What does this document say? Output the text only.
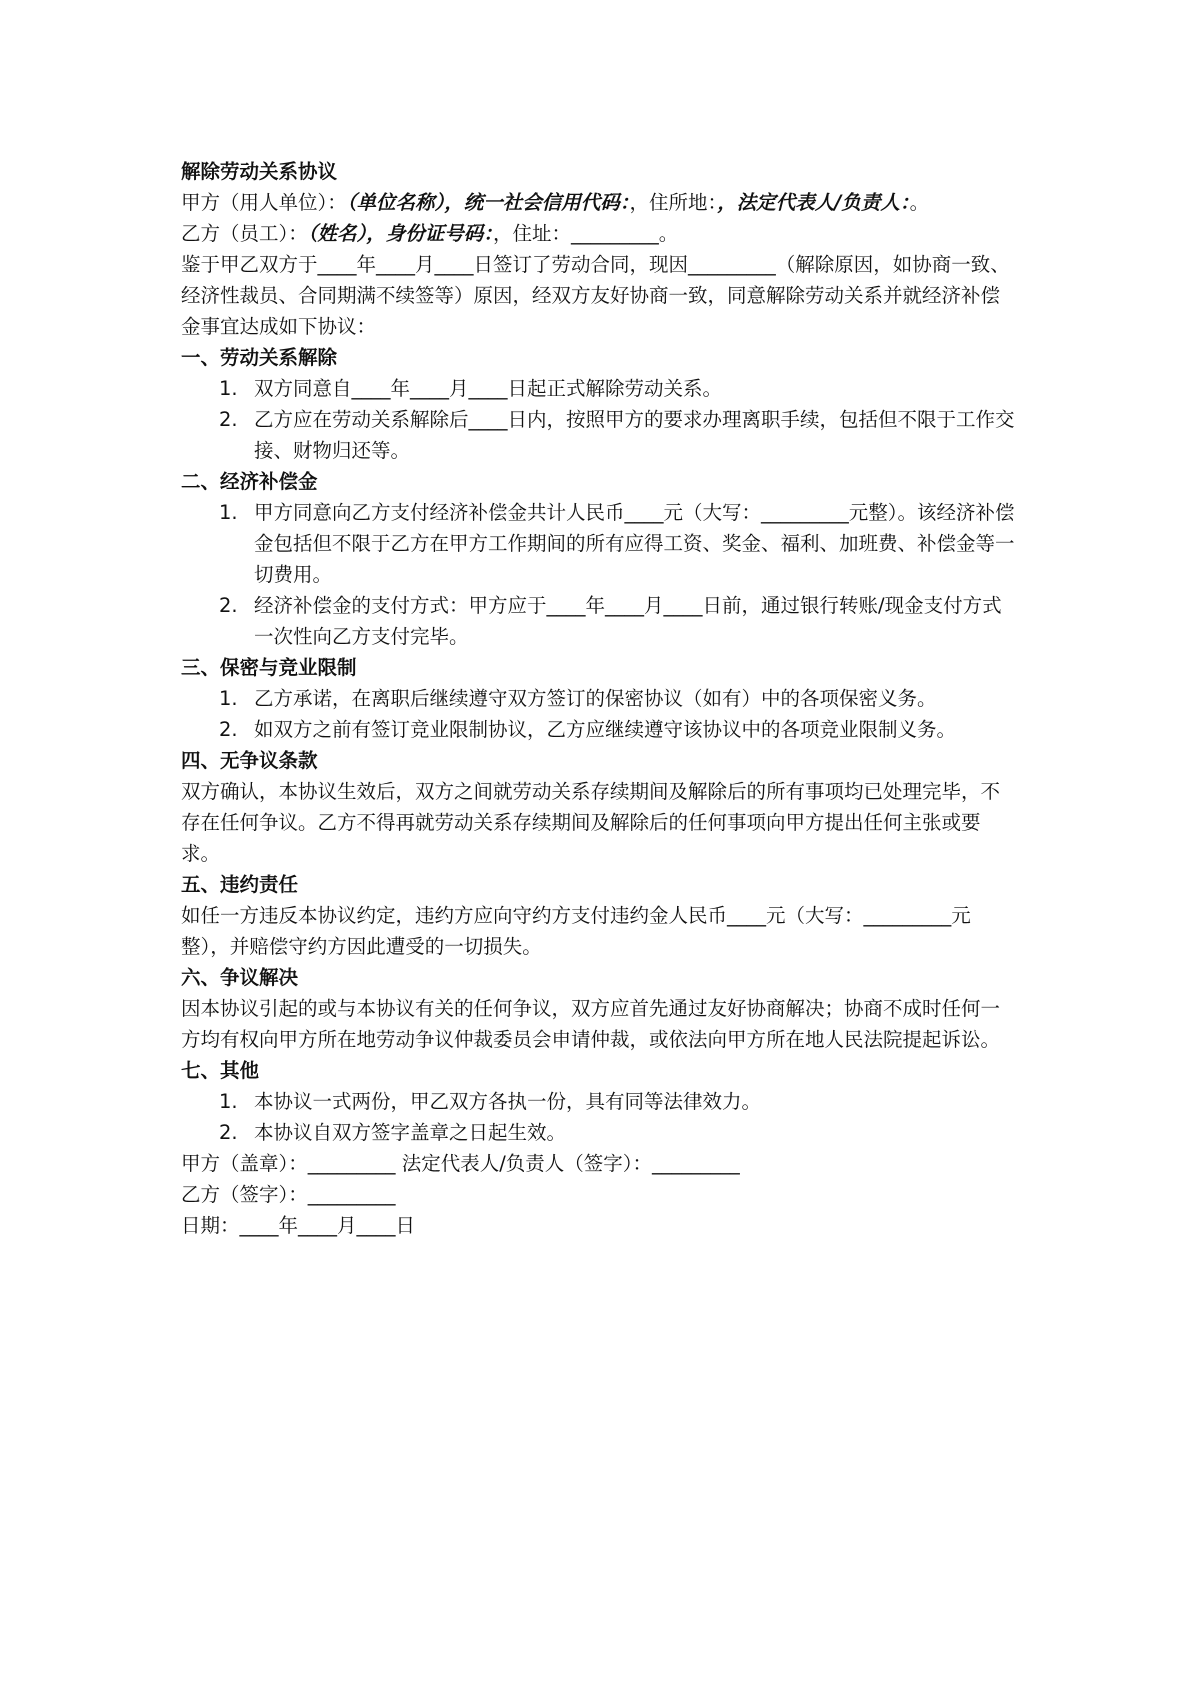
解除劳动关系协议

甲方（用人单位）：（单位名称），统一社会信用代码：，住所地：，法定代表人/负责人：。

乙方（员工）：（姓名），身份证号码：，住址：_________。

鉴于甲乙双方于____年____月____日签订了劳动合同，现因_________（解除原因，如协商一致、经济性裁员、合同期满不续签等）原因，经双方友好协商一致，同意解除劳动关系并就经济补偿金事宜达成如下协议：

一、劳动关系解除

1. 双方同意自____年____月____日起正式解除劳动关系。
2. 乙方应在劳动关系解除后____日内，按照甲方的要求办理离职手续，包括但不限于工作交接、财物归还等。

二、经济补偿金

1. 甲方同意向乙方支付经济补偿金共计人民币____元（大写：_________元整）。该经济补偿金包括但不限于乙方在甲方工作期间的所有应得工资、奖金、福利、加班费、补偿金等一切费用。
2. 经济补偿金的支付方式：甲方应于____年____月____日前，通过银行转账/现金支付方式一次性向乙方支付完毕。

三、保密与竞业限制

1. 乙方承诺，在离职后继续遵守双方签订的保密协议（如有）中的各项保密义务。
2. 如双方之前有签订竞业限制协议，乙方应继续遵守该协议中的各项竞业限制义务。

四、无争议条款

双方确认，本协议生效后，双方之间就劳动关系存续期间及解除后的所有事项均已处理完毕，不存在任何争议。乙方不得再就劳动关系存续期间及解除后的任何事项向甲方提出任何主张或要求。

五、违约责任

如任一方违反本协议约定，违约方应向守约方支付违约金人民币____元（大写：_________元整），并赔偿守约方因此遭受的一切损失。

六、争议解决

因本协议引起的或与本协议有关的任何争议，双方应首先通过友好协商解决；协商不成时任何一方均有权向甲方所在地劳动争议仲裁委员会申请仲裁，或依法向甲方所在地人民法院提起诉讼。

七、其他

1. 本协议一式两份，甲乙双方各执一份，具有同等法律效力。
2. 本协议自双方签字盖章之日起生效。

甲方（盖章）：_________ 法定代表人/负责人（签字）：_________

乙方（签字）：_________

日期：____年____月____日
